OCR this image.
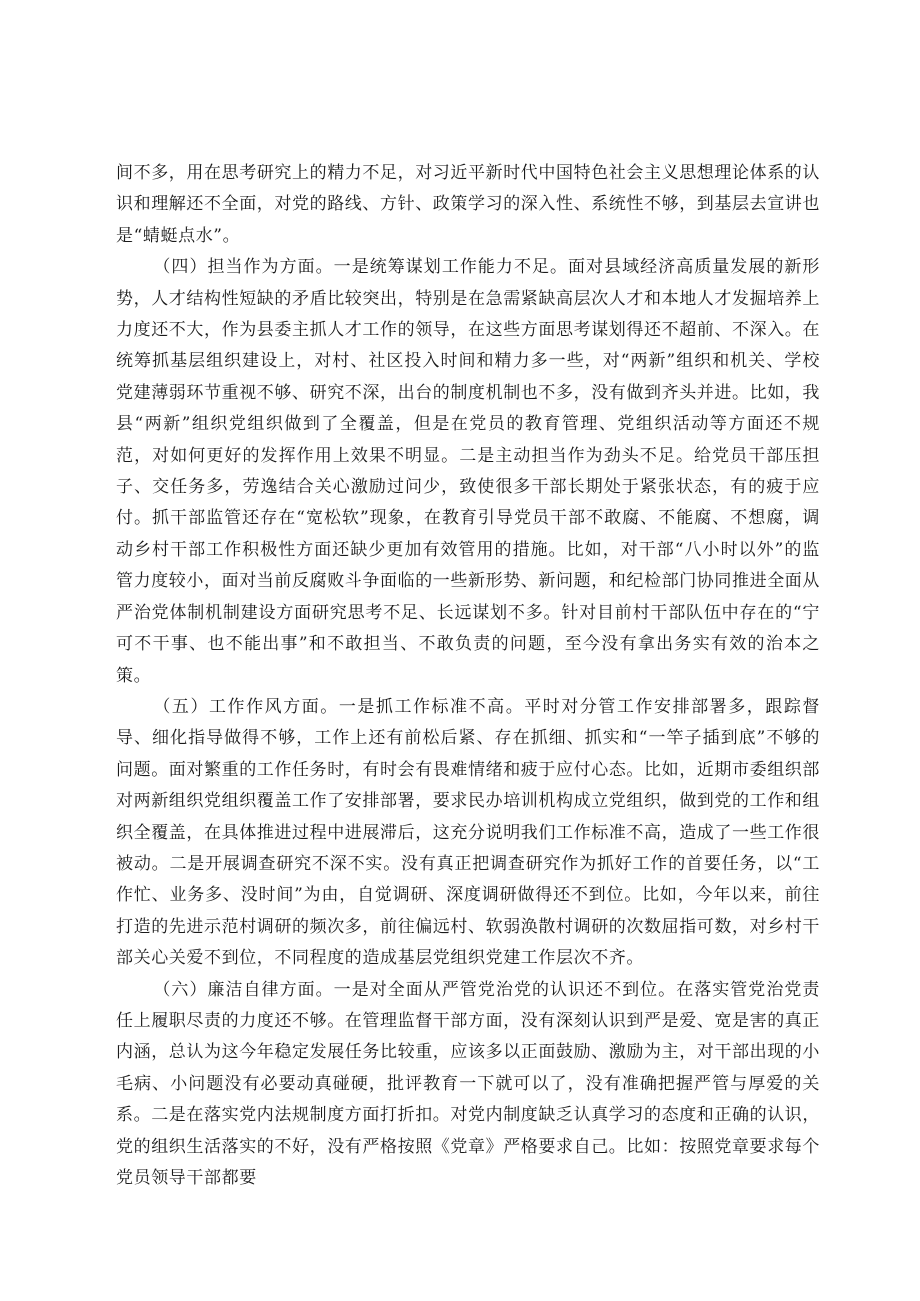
间不多，用在思考研究上的精力不足，对习近平新时代中国特色社会主义思想理论体系的认识和理解还不全面，对党的路线、方针、政策学习的深入性、系统性不够，到基层去宣讲也是“蜻蜓点水”。

（四）担当作为方面。一是统筹谋划工作能力不足。面对县域经济高质量发展的新形势，人才结构性短缺的矛盾比较突出，特别是在急需紧缺高层次人才和本地人才发掘培养上力度还不大，作为县委主抓人才工作的领导，在这些方面思考谋划得还不超前、不深入。在统筹抓基层组织建设上，对村、社区投入时间和精力多一些，对“两新”组织和机关、学校党建薄弱环节重视不够、研究不深，出台的制度机制也不多，没有做到齐头并进。比如，我县“两新”组织党组织做到了全覆盖，但是在党员的教育管理、党组织活动等方面还不规范，对如何更好的发挥作用上效果不明显。二是主动担当作为劲头不足。给党员干部压担子、交任务多，劳逸结合关心激励过问少，致使很多干部长期处于紧张状态，有的疲于应付。抓干部监管还存在“宽松软”现象，在教育引导党员干部不敢腐、不能腐、不想腐，调动乡村干部工作积极性方面还缺少更加有效管用的措施。比如，对干部“八小时以外”的监管力度较小，面对当前反腐败斗争面临的一些新形势、新问题，和纪检部门协同推进全面从严治党体制机制建设方面研究思考不足、长远谋划不多。针对目前村干部队伍中存在的“宁可不干事、也不能出事”和不敢担当、不敢负责的问题，至今没有拿出务实有效的治本之策。

（五）工作作风方面。一是抓工作标准不高。平时对分管工作安排部署多，跟踪督导、细化指导做得不够，工作上还有前松后紧、存在抓细、抓实和“一竿子插到底”不够的问题。面对繁重的工作任务时，有时会有畏难情绪和疲于应付心态。比如，近期市委组织部对两新组织党组织覆盖工作了安排部署，要求民办培训机构成立党组织，做到党的工作和组织全覆盖，在具体推进过程中进展滞后，这充分说明我们工作标准不高，造成了一些工作很被动。二是开展调查研究不深不实。没有真正把调查研究作为抓好工作的首要任务，以“工作忙、业务多、没时间”为由，自觉调研、深度调研做得还不到位。比如，今年以来，前往打造的先进示范村调研的频次多，前往偏远村、软弱涣散村调研的次数屈指可数，对乡村干部关心关爱不到位，不同程度的造成基层党组织党建工作层次不齐。

（六）廉洁自律方面。一是对全面从严管党治党的认识还不到位。在落实管党治党责任上履职尽责的力度还不够。在管理监督干部方面，没有深刻认识到严是爱、宽是害的真正内涵，总认为这今年稳定发展任务比较重，应该多以正面鼓励、激励为主，对干部出现的小毛病、小问题没有必要动真碰硬，批评教育一下就可以了，没有准确把握严管与厚爱的关系。二是在落实党内法规制度方面打折扣。对党内制度缺乏认真学习的态度和正确的认识，党的组织生活落实的不好，没有严格按照《党章》严格要求自己。比如：按照党章要求每个党员领导干部都要
